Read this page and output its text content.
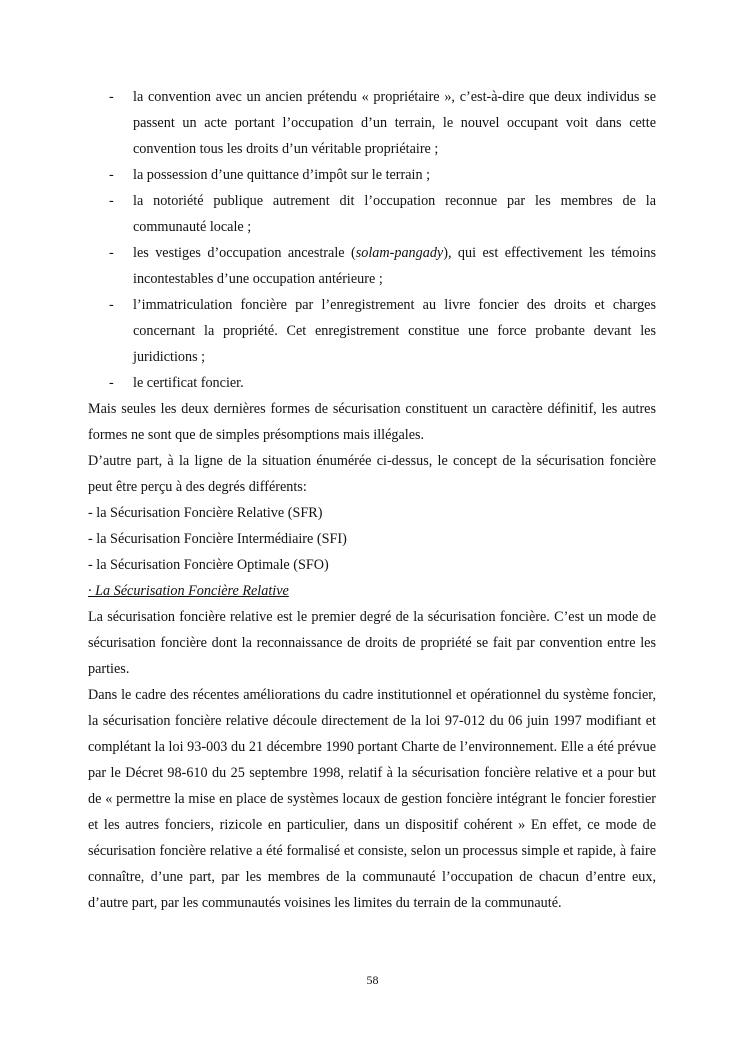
- la convention avec un ancien prétendu « propriétaire », c’est-à-dire que deux individus se passent un acte portant l’occupation d’un terrain, le nouvel occupant voit dans cette convention tous les droits d’un véritable propriétaire ;
- la possession d’une quittance d’impôt sur le terrain ;
- la notoriété publique autrement dit l’occupation reconnue par les membres de la communauté locale ;
- les vestiges d’occupation ancestrale (solam-pangady), qui est effectivement les témoins incontestables d’une occupation antérieure ;
- l’immatriculation foncière par l’enregistrement au livre foncier des droits et charges concernant la propriété. Cet enregistrement constitue une force probante devant les juridictions ;
- le certificat foncier.

Mais seules les deux dernières formes de sécurisation constituent un caractère définitif, les autres formes ne sont que de simples présomptions mais illégales.

D’autre part, à la ligne de la situation énumérée ci-dessus, le concept de la sécurisation foncière peut être perçu à des degrés différents:

- la Sécurisation Foncière Relative (SFR)

- la Sécurisation Foncière Intermédiaire (SFI)

- la Sécurisation Foncière Optimale (SFO)

· La Sécurisation Foncière Relative

La sécurisation foncière relative est le premier degré de la sécurisation foncière. C’est un mode de sécurisation foncière dont la reconnaissance de droits de propriété se fait par convention entre les parties.

Dans le cadre des récentes améliorations du cadre institutionnel et opérationnel du système foncier, la sécurisation foncière relative découle directement de la loi 97-012 du 06 juin 1997 modifiant et complétant la loi 93-003 du 21 décembre 1990 portant Charte de l’environnement. Elle a été prévue par le Décret 98-610 du 25 septembre 1998, relatif à la sécurisation foncière relative et a pour but de « permettre la mise en place de systèmes locaux de gestion foncière intégrant le foncier forestier et les autres fonciers, rizicole en particulier, dans un dispositif cohérent » En effet, ce mode de sécurisation foncière relative a été formalisé et consiste, selon un processus simple et rapide, à faire connaître, d’une part, par les membres de la communauté l’occupation de chacun d’entre eux, d’autre part, par les communautés voisines les limites du terrain de la communauté.

58
